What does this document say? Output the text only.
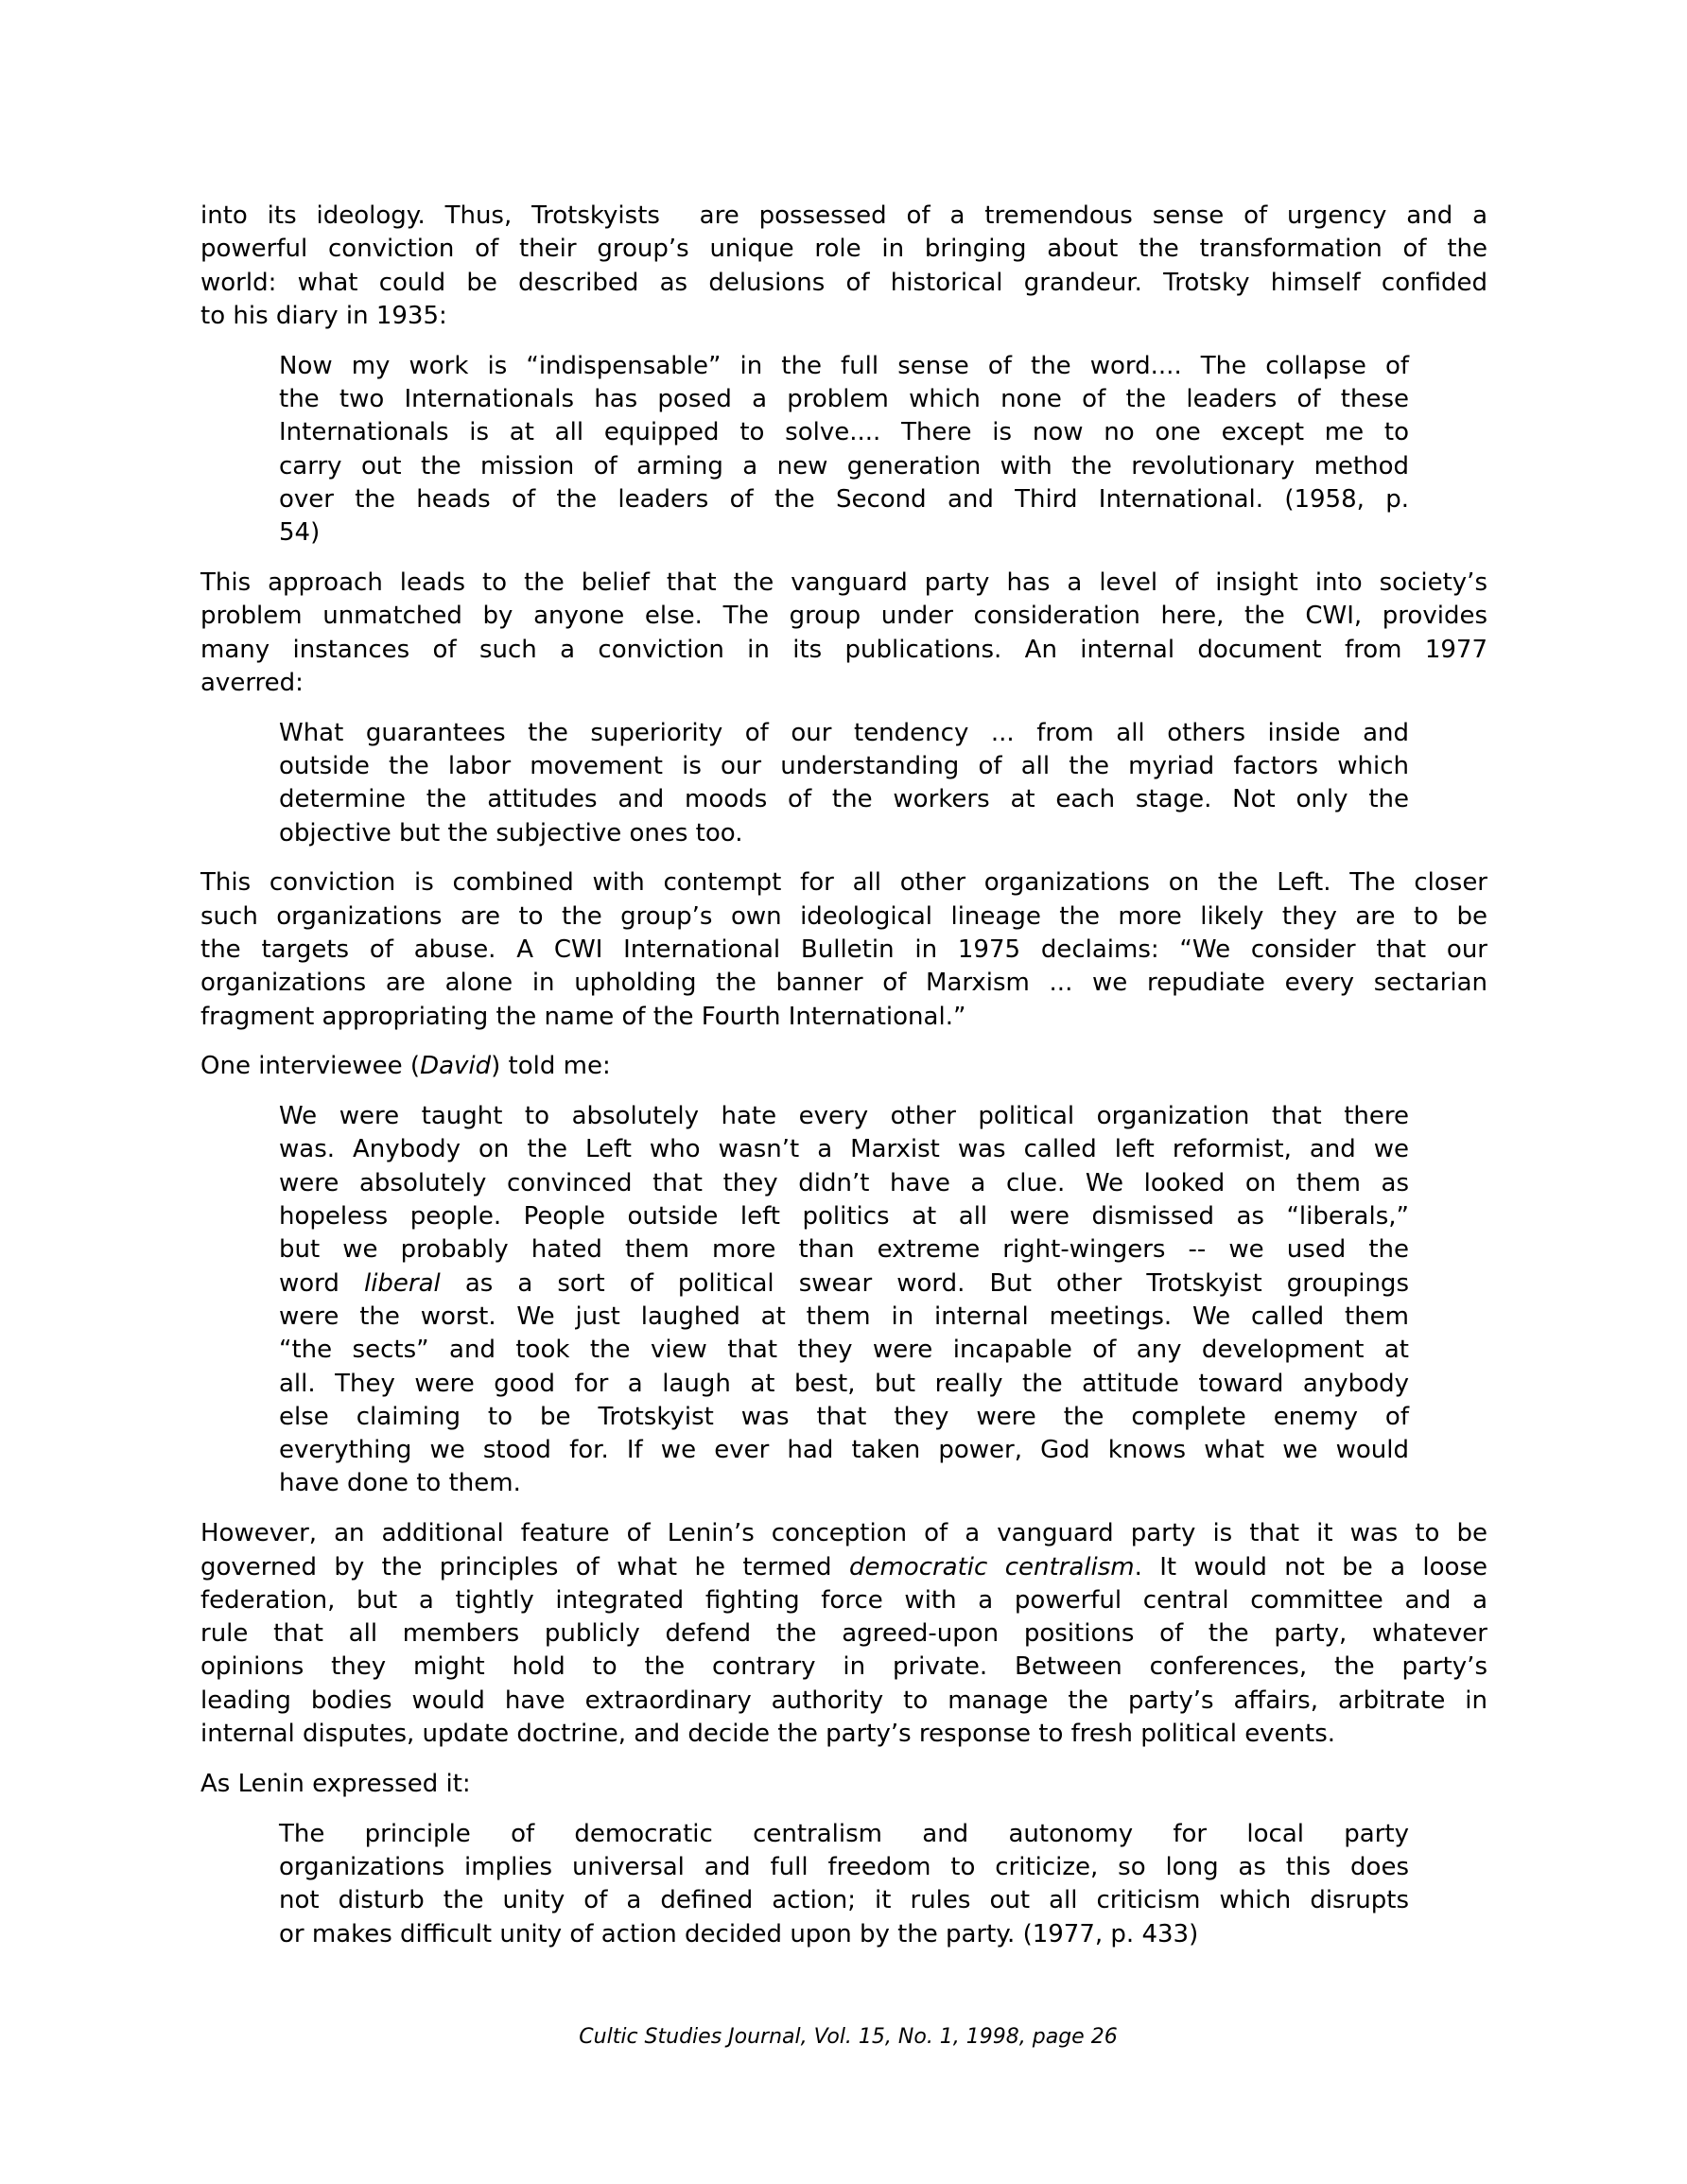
into its ideology. Thus, Trotskyists  are possessed of a tremendous sense of urgency and a
powerful conviction of their group’s unique role in bringing about the transformation of the
world: what could be described as delusions of historical grandeur. Trotsky himself confided
to his diary in 1935:
Now my work is “indispensable” in the full sense of the word.... The collapse of
the two Internationals has posed a problem which none of the leaders of these
Internationals is at all equipped to solve.... There is now no one except me to
carry out the mission of arming a new generation with the revolutionary method
over the heads of the leaders of the Second and Third International. (1958, p.
54)
This approach leads to the belief that the vanguard party has a level of insight into society’s
problem unmatched by anyone else. The group under consideration here, the CWI, provides
many instances of such a conviction in its publications. An internal document from 1977
averred:
What guarantees the superiority of our tendency ... from all others inside and
outside the labor movement is our understanding of all the myriad factors which
determine the attitudes and moods of the workers at each stage. Not only the
objective but the subjective ones too.
This conviction is combined with contempt for all other organizations on the Left. The closer
such organizations are to the group’s own ideological lineage the more likely they are to be
the targets of abuse. A CWI International Bulletin in 1975 declaims: “We consider that our
organizations are alone in upholding the banner of Marxism ... we repudiate every sectarian
fragment appropriating the name of the Fourth International.”
One interviewee (David) told me:
We were taught to absolutely hate every other political organization that there
was. Anybody on the Left who wasn’t a Marxist was called left reformist, and we
were absolutely convinced that they didn’t have a clue. We looked on them as
hopeless people. People outside left politics at all were dismissed as “liberals,”
but we probably hated them more than extreme right-wingers -- we used the
word liberal as a sort of political swear word. But other Trotskyist groupings
were the worst. We just laughed at them in internal meetings. We called them
“the sects” and took the view that they were incapable of any development at
all. They were good for a laugh at best, but really the attitude toward anybody
else claiming to be Trotskyist was that they were the complete enemy of
everything we stood for. If we ever had taken power, God knows what we would
have done to them.
However, an additional feature of Lenin’s conception of a vanguard party is that it was to be
governed by the principles of what he termed democratic centralism. It would not be a loose
federation, but a tightly integrated fighting force with a powerful central committee and a
rule that all members publicly defend the agreed-upon positions of the party, whatever
opinions they might hold to the contrary in private. Between conferences, the party’s
leading bodies would have extraordinary authority to manage the party’s affairs, arbitrate in
internal disputes, update doctrine, and decide the party’s response to fresh political events.
As Lenin expressed it:
The principle of democratic centralism and autonomy for local party
organizations implies universal and full freedom to criticize, so long as this does
not disturb the unity of a defined action; it rules out all criticism which disrupts
or makes difficult unity of action decided upon by the party. (1977, p. 433)
Cultic Studies Journal, Vol. 15, No. 1, 1998, page 26
